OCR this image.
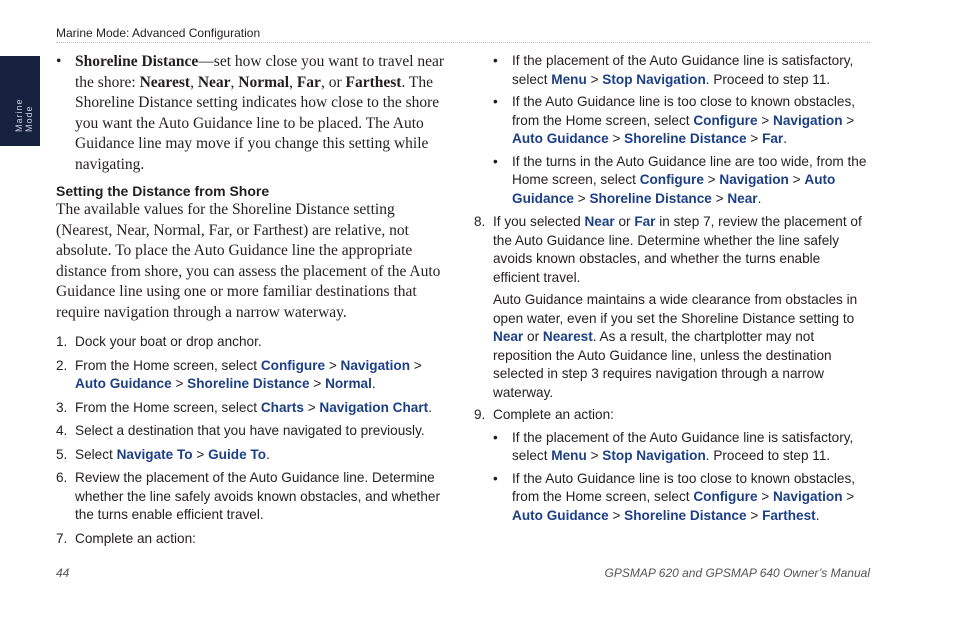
Marine Mode: Advanced Configuration
Marine Mode
• Shoreline Distance—set how close you want to travel near the shore: Nearest, Near, Normal, Far, or Farthest. The Shoreline Distance setting indicates how close to the shore you want the Auto Guidance line to be placed. The Auto Guidance line may move if you change this setting while navigating.
Setting the Distance from Shore
The available values for the Shoreline Distance setting (Nearest, Near, Normal, Far, or Farthest) are relative, not absolute. To place the Auto Guidance line the appropriate distance from shore, you can assess the placement of the Auto Guidance line using one or more familiar destinations that require navigation through a narrow waterway.
1. Dock your boat or drop anchor.
2. From the Home screen, select Configure > Navigation > Auto Guidance > Shoreline Distance > Normal.
3. From the Home screen, select Charts > Navigation Chart.
4. Select a destination that you have navigated to previously.
5. Select Navigate To > Guide To.
6. Review the placement of the Auto Guidance line. Determine whether the line safely avoids known obstacles, and whether the turns enable efficient travel.
7. Complete an action:
• If the placement of the Auto Guidance line is satisfactory, select Menu > Stop Navigation. Proceed to step 11.
• If the Auto Guidance line is too close to known obstacles, from the Home screen, select Configure > Navigation > Auto Guidance > Shoreline Distance > Far.
• If the turns in the Auto Guidance line are too wide, from the Home screen, select Configure > Navigation > Auto Guidance > Shoreline Distance > Near.
8. If you selected Near or Far in step 7, review the placement of the Auto Guidance line. Determine whether the line safely avoids known obstacles, and whether the turns enable efficient travel.
Auto Guidance maintains a wide clearance from obstacles in open water, even if you set the Shoreline Distance setting to Near or Nearest. As a result, the chartplotter may not reposition the Auto Guidance line, unless the destination selected in step 3 requires navigation through a narrow waterway.
9. Complete an action:
• If the placement of the Auto Guidance line is satisfactory, select Menu > Stop Navigation. Proceed to step 11.
• If the Auto Guidance line is too close to known obstacles, from the Home screen, select Configure > Navigation > Auto Guidance > Shoreline Distance > Farthest.
44	GPSMAP 620 and GPSMAP 640 Owner’s Manual
